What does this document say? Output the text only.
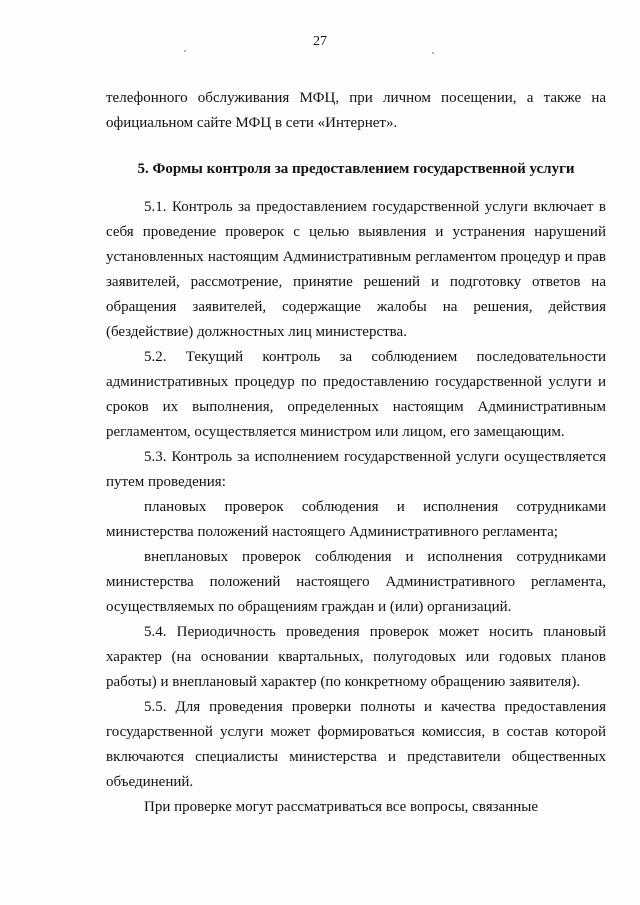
27

телефонного обслуживания МФЦ, при личном посещении, а также на официальном сайте МФЦ в сети «Интернет».

5. Формы контроля за предоставлением государственной услуги

5.1. Контроль за предоставлением государственной услуги включает в себя проведение проверок с целью выявления и устранения нарушений установленных настоящим Административным регламентом процедур и прав заявителей, рассмотрение, принятие решений и подготовку ответов на обращения заявителей, содержащие жалобы на решения, действия (бездействие) должностных лиц министерства.

5.2. Текущий контроль за соблюдением последовательности административных процедур по предоставлению государственной услуги и сроков их выполнения, определенных настоящим Административным регламентом, осуществляется министром или лицом, его замещающим.

5.3. Контроль за исполнением государственной услуги осуществляется путем проведения:

плановых проверок соблюдения и исполнения сотрудниками министерства положений настоящего Административного регламента;

внеплановых проверок соблюдения и исполнения сотрудниками министерства положений настоящего Административного регламента, осуществляемых по обращениям граждан и (или) организаций.

5.4. Периодичность проведения проверок может носить плановый характер (на основании квартальных, полугодовых или годовых планов работы) и внеплановый характер (по конкретному обращению заявителя).

5.5. Для проведения проверки полноты и качества предоставления государственной услуги может формироваться комиссия, в состав которой включаются специалисты министерства и представители общественных объединений.

При проверке могут рассматриваться все вопросы, связанные
